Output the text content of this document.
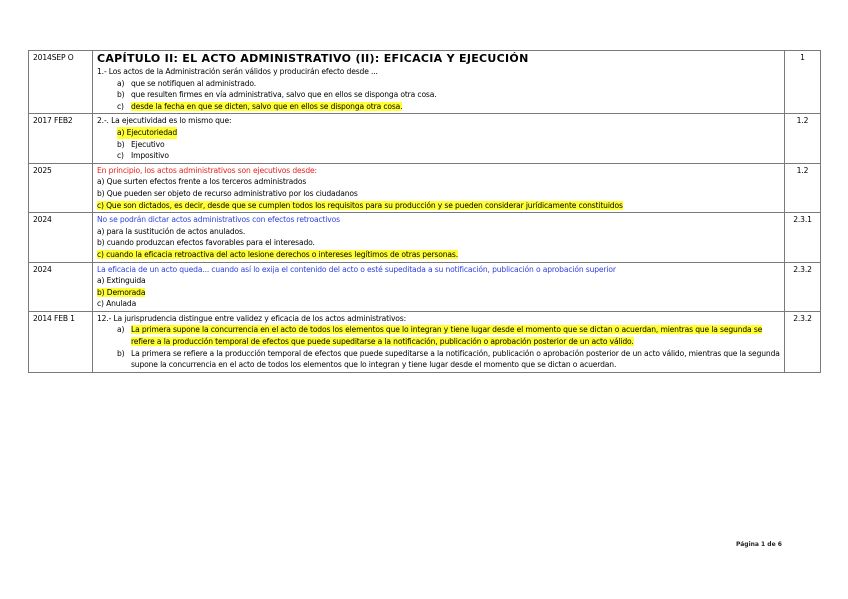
2014SEP O	CAPÍTULO II: EL ACTO ADMINISTRATIVO (II): EFICACIA Y EJECUCIÓN
1.- Los actos de la Administración serán válidos y producirán efecto desde ...
a) que se notifiquen al administrado.
b) que resulten firmes en vía administrativa, salvo que en ellos se disponga otra cosa.
c) desde la fecha en que se dicten, salvo que en ellos se disponga otra cosa.
	1
2017 FEB2	2.-. La ejecutividad es lo mismo que:
a) Ejecutoriedad
b) Ejecutivo
c) Impositivo
	1.2
2025	En principio, los actos administrativos son ejecutivos desde:
a) Que surten efectos frente a los terceros administrados
b) Que pueden ser objeto de recurso administrativo por los ciudadanos
c) Que son dictados, es decir, desde que se cumplen todos los requisitos para su producción y se pueden considerar jurídicamente constituidos	1.2
2024	No se podrán dictar actos administrativos con efectos retroactivos
a) para la sustitución de actos anulados.
b) cuando produzcan efectos favorables para el interesado.
c) cuando la eficacia retroactiva del acto lesione derechos o intereses legítimos de otras personas.	2.3.1
2024	La eficacia de un acto queda... cuando así lo exija el contenido del acto o esté supeditada a su notificación, publicación o aprobación superior
a) Extinguida
b) Demorada
c) Anulada	2.3.2
2014 FEB 1	12.- La jurisprudencia distingue entre validez y eficacia de los actos administrativos:
a) La primera supone la concurrencia en el acto de todos los elementos que lo integran y tiene lugar desde el momento que se dictan o acuerdan, mientras que la segunda se refiere a la producción temporal de efectos que puede supeditarse a la notificación, publicación o aprobación posterior de un acto válido.
b) La primera se refiere a la producción temporal de efectos que puede supeditarse a la notificación, publicación o aprobación posterior de un acto válido, mientras que la segunda supone la concurrencia en el acto de todos los elementos que lo integran y tiene lugar desde el momento que se dictan o acuerdan.	2.3.2
Página 1 de 6
